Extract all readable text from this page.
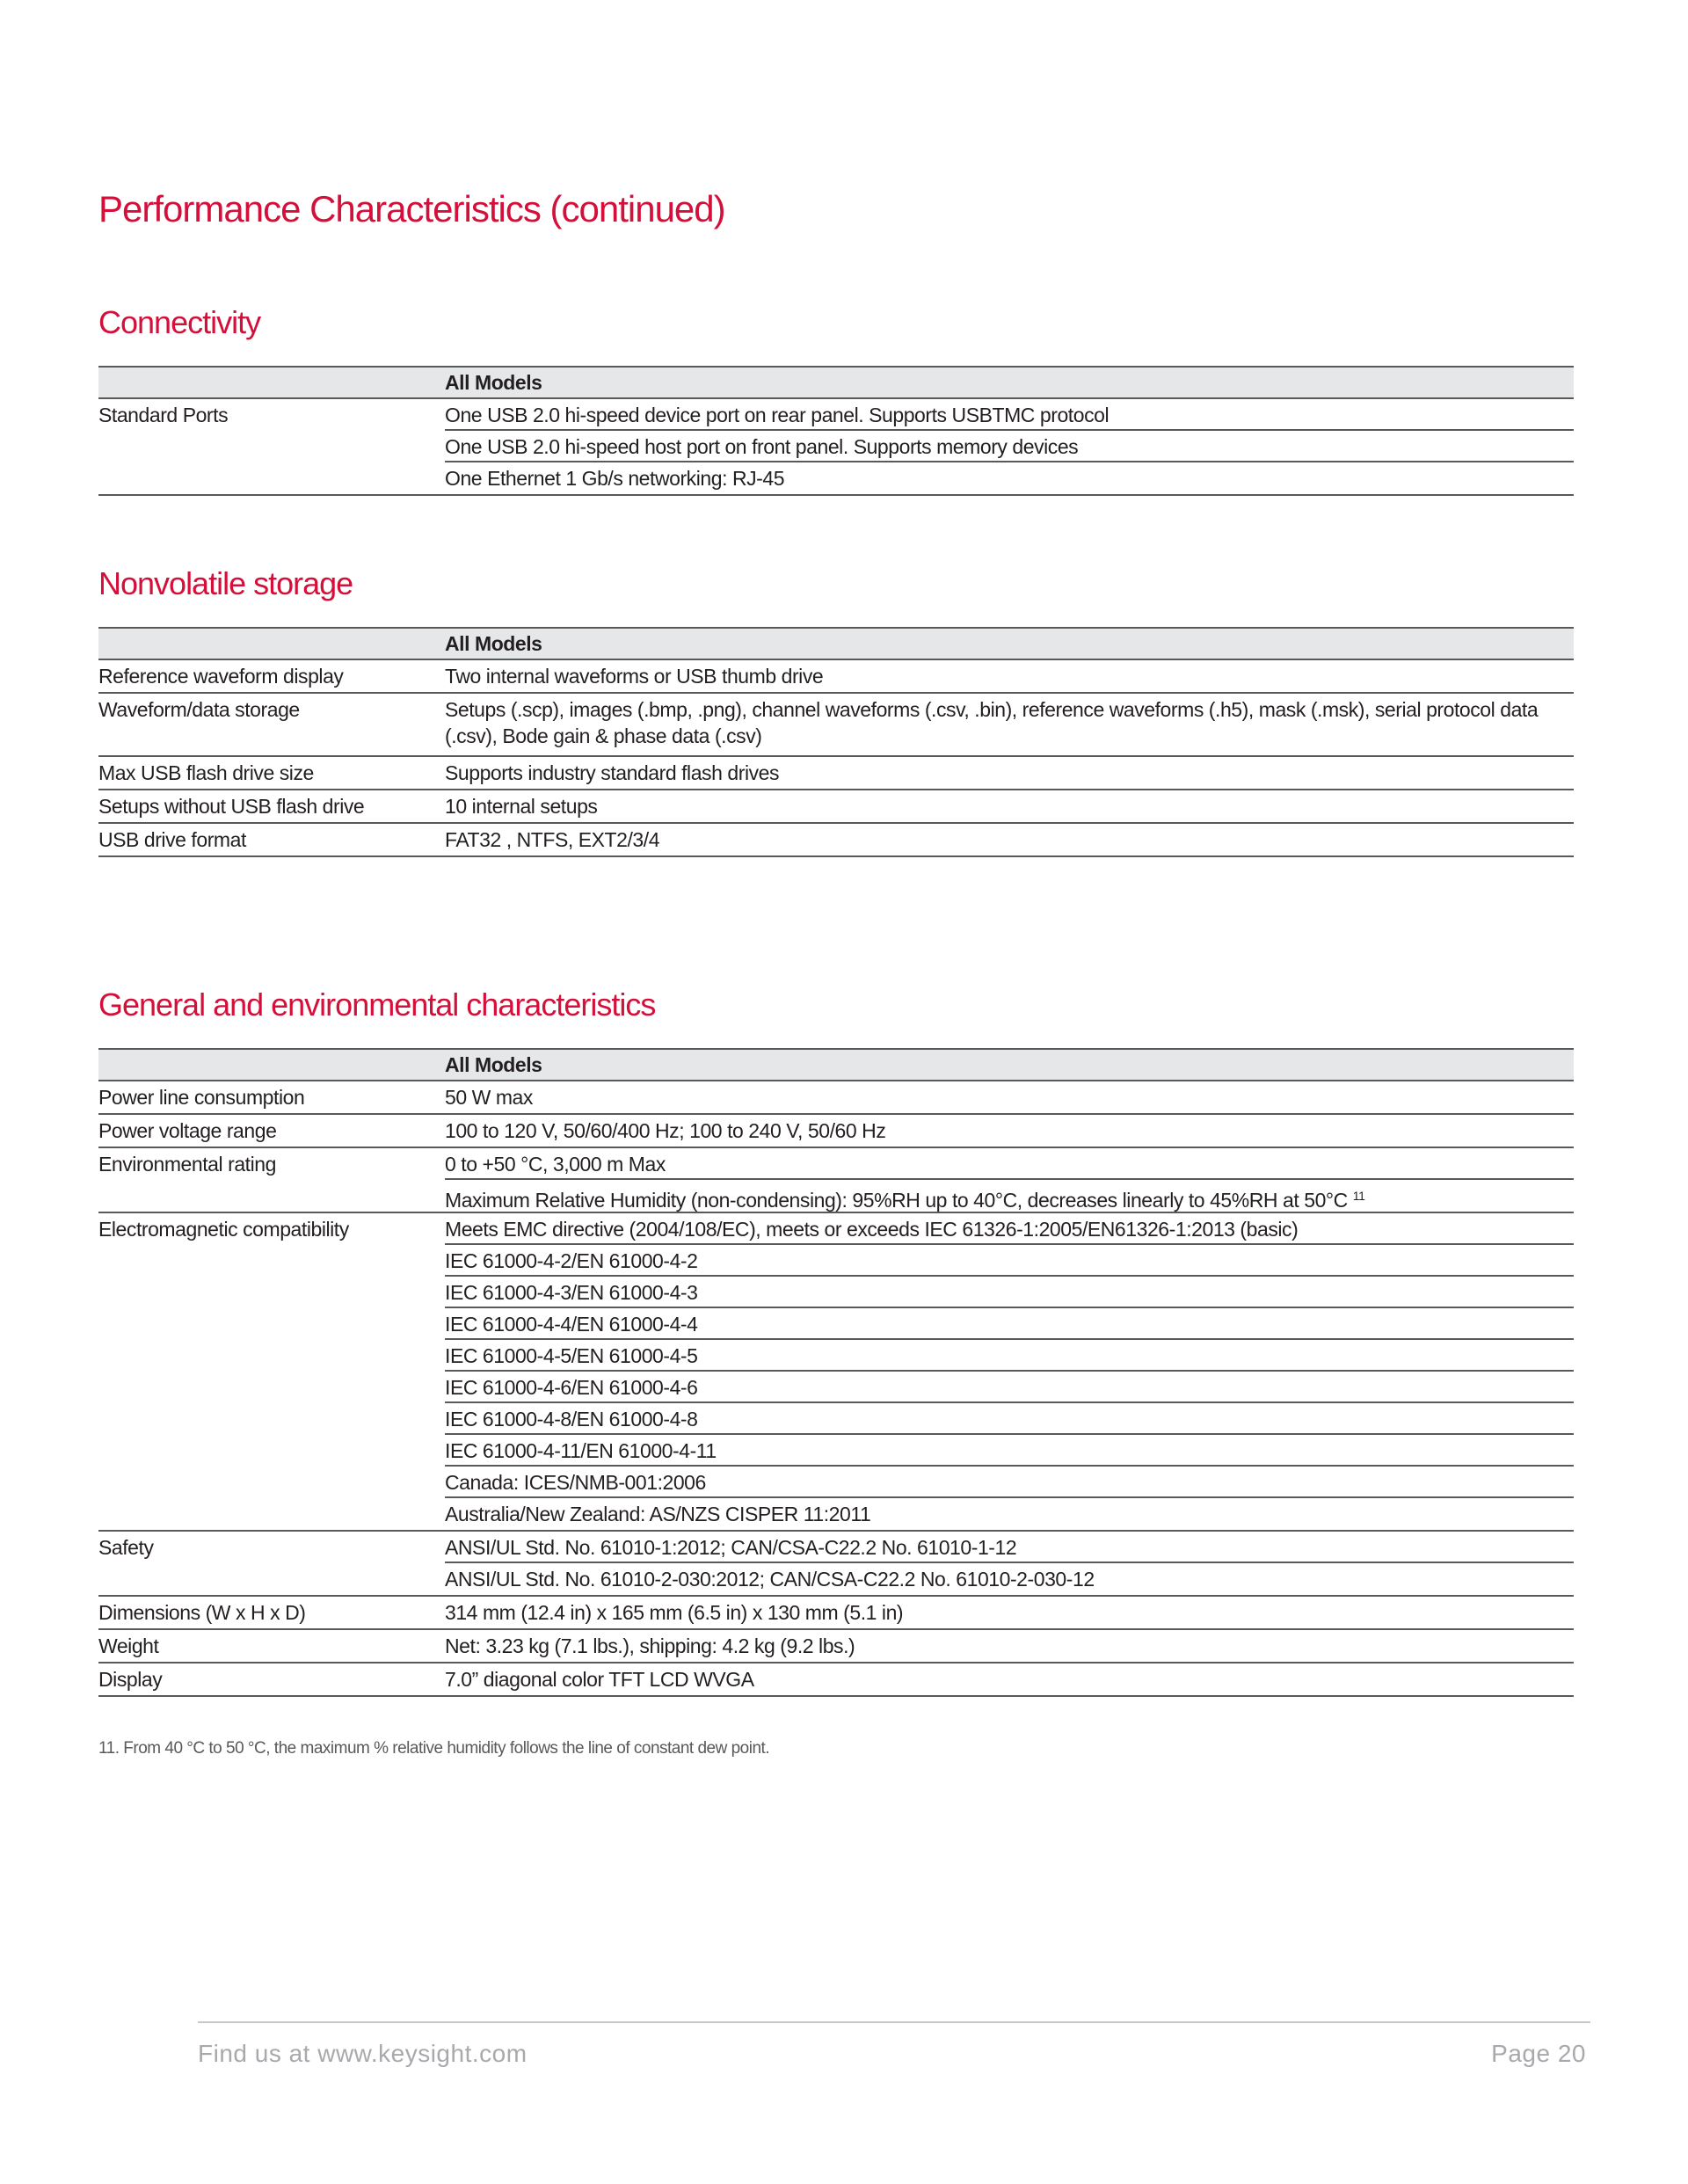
Performance Characteristics (continued)
Connectivity
All Models
Standard Ports	One USB 2.0 hi-speed device port on rear panel. Supports USBTMC protocol
One USB 2.0 hi-speed host port on front panel. Supports memory devices
One Ethernet 1 Gb/s networking: RJ-45
Nonvolatile storage
All Models
Reference waveform display	Two internal waveforms or USB thumb drive
Waveform/data storage	Setups (.scp), images (.bmp, .png), channel waveforms (.csv, .bin), reference waveforms (.h5), mask (.msk), serial protocol data (.csv), Bode gain & phase data (.csv)
Max USB flash drive size	Supports industry standard flash drives
Setups without USB flash drive	10 internal setups
USB drive format	FAT32 , NTFS, EXT2/3/4
General and environmental characteristics
All Models
Power line consumption	50 W max
Power voltage range	100 to 120 V, 50/60/400 Hz; 100 to 240 V, 50/60 Hz
Environmental rating	0 to +50 °C, 3,000 m Max
Maximum Relative Humidity (non-condensing): 95%RH up to 40°C, decreases linearly to 45%RH at 50°C $^{11}$
Electromagnetic compatibility	Meets EMC directive (2004/108/EC), meets or exceeds IEC 61326-1:2005/EN61326-1:2013 (basic)
IEC 61000-4-2/EN 61000-4-2
IEC 61000-4-3/EN 61000-4-3
IEC 61000-4-4/EN 61000-4-4
IEC 61000-4-5/EN 61000-4-5
IEC 61000-4-6/EN 61000-4-6
IEC 61000-4-8/EN 61000-4-8
IEC 61000-4-11/EN 61000-4-11
Canada: ICES/NMB-001:2006
Australia/New Zealand: AS/NZS CISPER 11:2011
Safety	ANSI/UL Std. No. 61010-1:2012; CAN/CSA-C22.2 No. 61010-1-12
ANSI/UL Std. No. 61010-2-030:2012; CAN/CSA-C22.2 No. 61010-2-030-12
Dimensions (W x H x D)	314 mm (12.4 in) x 165 mm (6.5 in) x 130 mm (5.1 in)
Weight	Net: 3.23 kg (7.1 lbs.), shipping: 4.2 kg (9.2 lbs.)
Display	7.0” diagonal color TFT LCD WVGA
11. From 40 °C to 50 °C, the maximum % relative humidity follows the line of constant dew point.
Find us at www.keysight.com	Page 20
